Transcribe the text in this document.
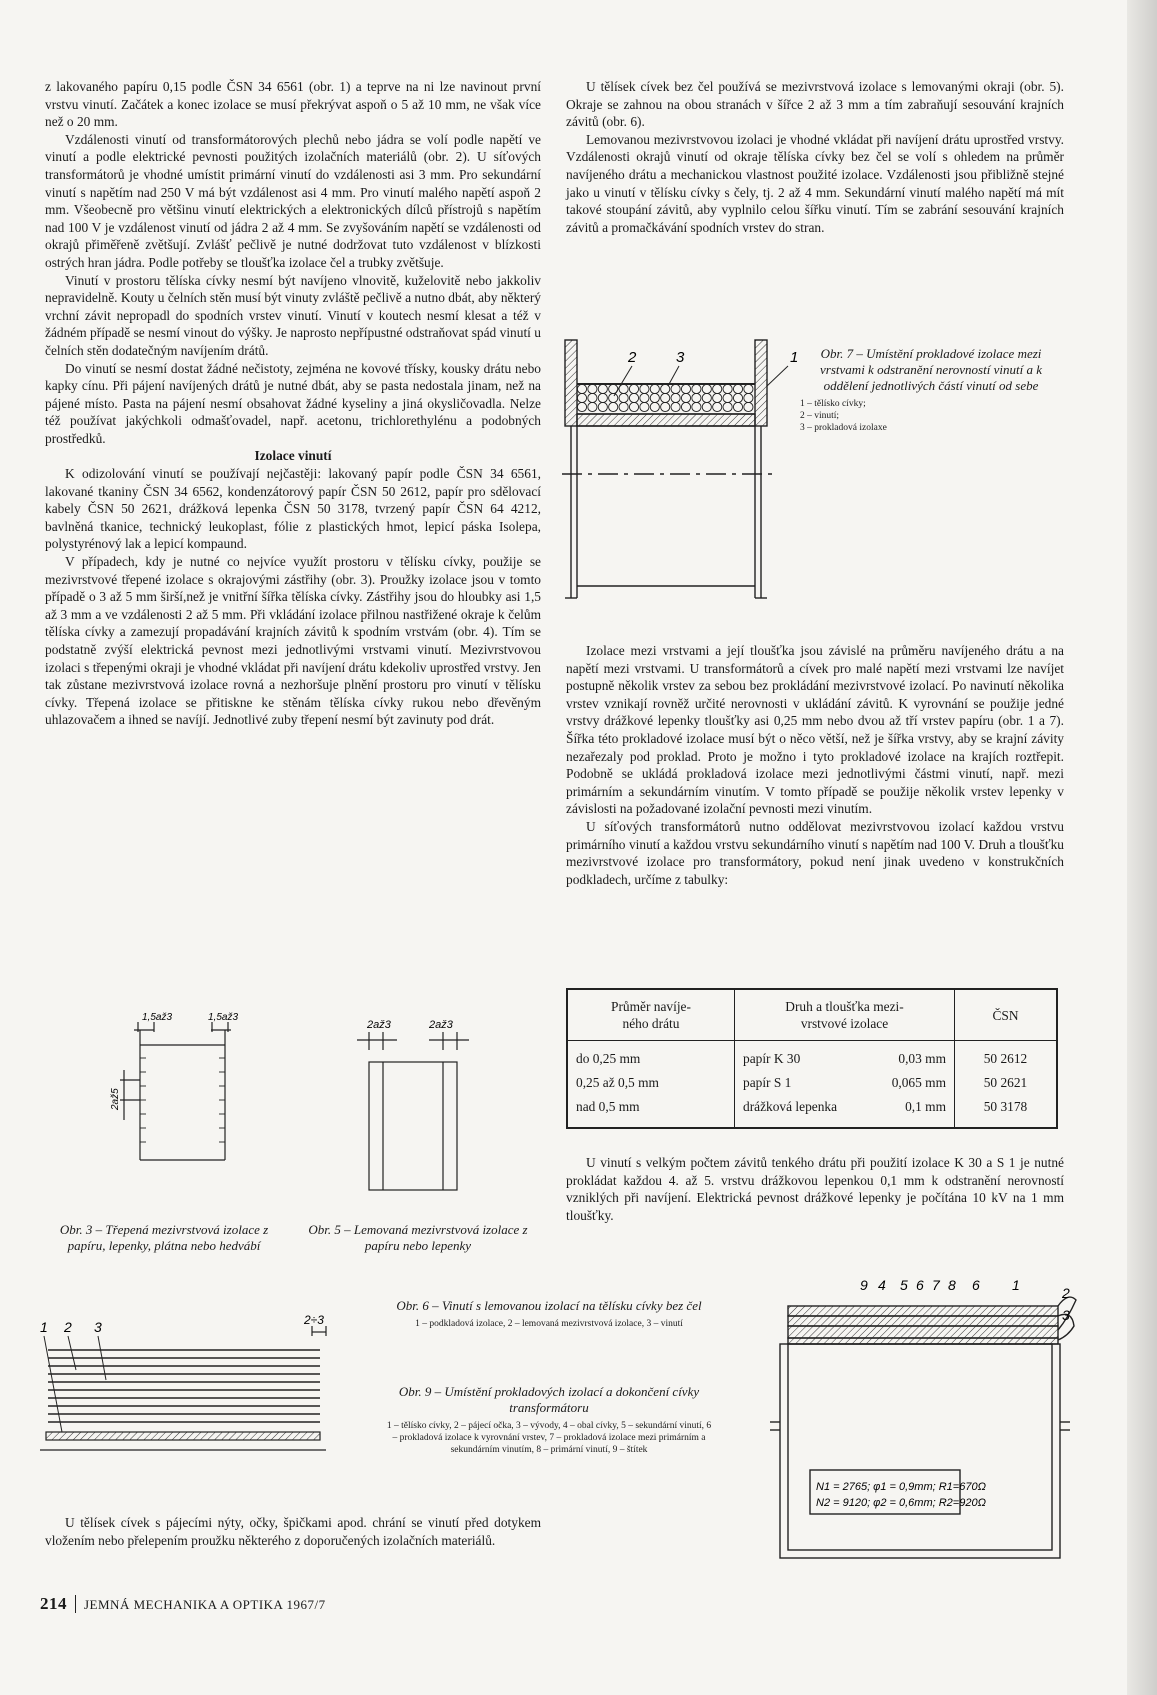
z lakovaného papíru 0,15 podle ČSN 34 6561 (obr. 1) a teprve na ni lze navinout první vrstvu vinutí. Začátek a konec izolace se musí překrývat aspoň o 5 až 10 mm, ne však více než o 20 mm.

Vzdálenosti vinutí od transformátorových plechů nebo jádra se volí podle napětí ve vinutí a podle elektrické pevnosti použitých izolačních materiálů (obr. 2). U síťových transformátorů je vhodné umístit primární vinutí do vzdálenosti asi 3 mm. Pro sekundární vinutí s napětím nad 250 V má být vzdálenost asi 4 mm. Pro vinutí malého napětí aspoň 2 mm. Všeobecně pro většinu vinutí elektrických a elektronických dílců přístrojů s napětím nad 100 V je vzdálenost vinutí od jádra 2 až 4 mm. Se zvyšováním napětí se vzdálenosti od okrajů přiměřeně zvětšují. Zvlášť pečlivě je nutné dodržovat tuto vzdálenost v blízkosti ostrých hran jádra. Podle potřeby se tloušťka izolace čel a trubky zvětšuje.

Vinutí v prostoru tělíska cívky nesmí být navíjeno vlnovitě, kuželovitě nebo jakkoliv nepravidelně. Kouty u čelních stěn musí být vinuty zvláště pečlivě a nutno dbát, aby některý vrchní závit nepropadl do spodních vrstev vinutí. Vinutí v koutech nesmí klesat a též v žádném případě se nesmí vinout do výšky. Je naprosto nepřípustné odstraňovat spád vinutí u čelních stěn dodatečným navíjením drátů.

Do vinutí se nesmí dostat žádné nečistoty, zejména ne kovové třísky, kousky drátu nebo kapky cínu. Při pájení navíjených drátů je nutné dbát, aby se pasta nedostala jinam, než na pájené místo. Pasta na pájení nesmí obsahovat žádné kyseliny a jiná okysličovadla. Nelze též používat jakýchkoli odmašťovadel, např. acetonu, trichlorethylénu a podobných prostředků.

Izolace vinutí

K odizolování vinutí se používají nejčastěji: lakovaný papír podle ČSN 34 6561, lakované tkaniny ČSN 34 6562, kondenzátorový papír ČSN 50 2612, papír pro sdělovací kabely ČSN 50 2621, drážková lepenka ČSN 50 3178, tvrzený papír ČSN 64 4212, bavlněná tkanice, technický leukoplast, fólie z plastických hmot, lepicí páska Isolepa, polystyrénový lak a lepicí kompaund.

V případech, kdy je nutné co nejvíce využít prostoru v tělísku cívky, použije se mezivrstvové třepené izolace s okrajovými zástřihy (obr. 3). Proužky izolace jsou v tomto případě o 3 až 5 mm širší,než je vnitřní šířka tělíska cívky. Zástřihy jsou do hloubky asi 1,5 až 3 mm a ve vzdálenosti 2 až 5 mm. Při vkládání izolace přilnou nastřižené okraje k čelům tělíska cívky a zamezují propadávání krajních závitů k spodním vrstvám (obr. 4). Tím se podstatně zvýší elektrická pevnost mezi jednotlivými vrstvami vinutí. Mezivrstvovou izolaci s třepenými okraji je vhodné vkládat při navíjení drátu kdekoliv uprostřed vrstvy. Jen tak zůstane mezivrstvová izolace rovná a nezhoršuje plnění prostoru pro vinutí v tělísku cívky. Třepená izolace se přitiskne ke stěnám tělíska cívky rukou nebo dřevěným uhlazovačem a ihned se navíjí. Jednotlivé zuby třepení nesmí být zavinuty pod drát.

U tělísek cívek bez čel používá se mezivrstvová izolace s lemovanými okraji (obr. 5). Okraje se zahnou na obou stranách v šířce 2 až 3 mm a tím zabraňují sesouvání krajních závitů (obr. 6).

Lemovanou mezivrstvovou izolaci je vhodné vkládat při navíjení drátu uprostřed vrstvy. Vzdálenosti okrajů vinutí od okraje tělíska cívky bez čel se volí s ohledem na průměr navíjeného drátu a mechanickou vlastnost použité izolace. Vzdálenosti jsou přibližně stejné jako u vinutí v tělísku cívky s čely, tj. 2 až 4 mm. Sekundární vinutí malého napětí má mít takové stoupání závitů, aby vyplnilo celou šířku vinutí. Tím se zabrání sesouvání krajních závitů a promačkávání spodních vrstev do stran.

2	3	1	Obr. 7 – Umístění prokladové izolace mezi vrstvami k odstranění nerovností vinutí a k oddělení jednotlivých částí vinutí od sebe
1 – tělísko cívky;
2 – vinutí;
3 – prokladová izolaxe

Izolace mezi vrstvami a její tloušťka jsou závislé na průměru navíjeného drátu a na napětí mezi vrstvami. U transformátorů a cívek pro malé napětí mezi vrstvami lze navíjet postupně několik vrstev za sebou bez prokládání mezivrstvové izolací. Po navinutí několika vrstev vznikají rovněž určité nerovnosti v ukládání závitů. K vyrovnání se použije jedné vrstvy drážkové lepenky tloušťky asi 0,25 mm nebo dvou až tří vrstev papíru (obr. 1 a 7). Šířka této prokladové izolace musí být o něco větší, než je šířka vrstvy, aby se krajní závity nezařezaly pod proklad. Proto je možno i tyto prokladové izolace na krajích roztřepit. Podobně se ukládá prokladová izolace mezi jednotlivými částmi vinutí, např. mezi primárním a sekundárním vinutím. V tomto případě se použije několik vrstev lepenky v závislosti na požadované izolační pevnosti mezi vinutím.

U síťových transformátorů nutno oddělovat mezivrstvovou izolací každou vrstvu primárního vinutí a každou vrstvu sekundárního vinutí s napětím nad 100 V. Druh a tloušťku mezivrstvové izolace pro transformátory, pokud není jinak uvedeno v konstrukčních podkladech, určíme z tabulky:

Průměr navíje-
ného drátu	Druh a tloušťka mezi-
vrstvové izolace	ČSN
do 0,25 mm	papír K 30 0,03 mm	50 2612
0,25 až 0,5 mm	papír S 1 0,065 mm	50 2621
nad 0,5 mm	drážková lepenka 0,1 mm	50 3178

U vinutí s velkým počtem závitů tenkého drátu při použití izolace K 30 a S 1 je nutné prokládat každou 4. až 5. vrstvu drážkovou lepenkou 0,1 mm k odstranění nerovností vzniklých při navíjení. Elektrická pevnost drážkové lepenky je počítána 10 kV na 1 mm tloušťky.

1,5až3	1,5až3
2až5
2až3	2až3
Obr. 3 – Třepená mezivrstvová izolace z papíru, lepenky, plátna nebo hedvábí
Obr. 5 – Lemovaná mezivrstvová izolace z papíru nebo lepenky
1 2 3	2÷3
Obr. 6 – Vinutí s lemovanou izolací na tělísku cívky bez čel
1 – podkladová izolace, 2 – lemovaná mezivrstvová izolace, 3 – vinutí
Obr. 9 – Umístění prokladových izolací a dokončení cívky transformátoru
1 – tělísko cívky, 2 – pájecí očka, 3 – vývody, 4 – obal cívky, 5 – sekundární vinutí, 6 – prokladová izolace k vyrovnání vrstev, 7 – prokladová izolace mezi primárním a sekundárním vinutím, 8 – primární vinutí, 9 – štítek
N1 = 2765; φ1 = 0,9mm; R1=670Ω
N2 = 9120; φ2 = 0,6mm; R2=920Ω
9 4 5 6 7 8 6 1	2
3

U tělísek cívek s pájecími nýty, očky, špičkami apod. chrání se vinutí před dotykem vložením nebo přelepením proužku některého z doporučených izolačních materiálů.

214 JEMNÁ MECHANIKA A OPTIKA 1967/7
